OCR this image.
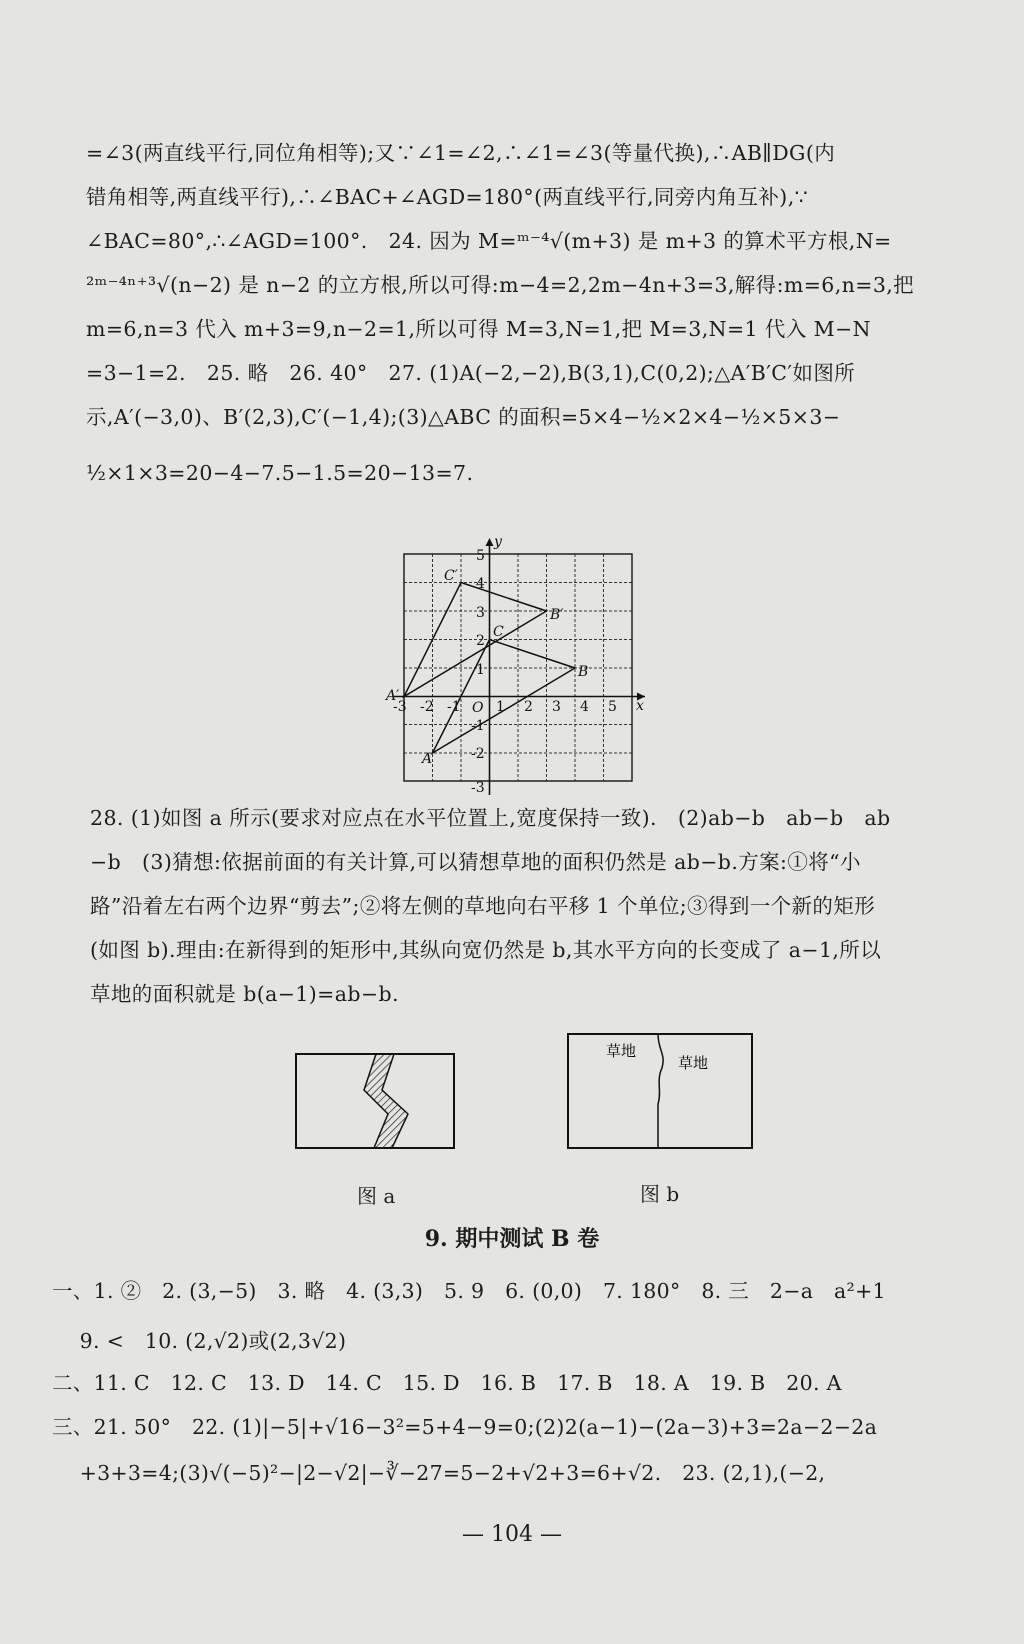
=∠3(两直线平行,同位角相等);又∵∠1=∠2,∴∠1=∠3(等量代换),∴AB∥DG(内
错角相等,两直线平行),∴∠BAC+∠AGD=180°(两直线平行,同旁内角互补),∵
∠BAC=80°,∴∠AGD=100°.　24. 因为 M=ᵐ⁻⁴√(m+3) 是 m+3 的算术平方根,N=
²ᵐ⁻⁴ⁿ⁺³√(n−2) 是 n−2 的立方根,所以可得:m−4=2,2m−4n+3=3,解得:m=6,n=3,把
m=6,n=3 代入 m+3=9,n−2=1,所以可得 M=3,N=1,把 M=3,N=1 代入 M−N
=3−1=2.　25. 略　26. 40°　27. (1)A(−2,−2),B(3,1),C(0,2);△A′B′C′如图所
示,A′(−3,0)、B′(2,3),C′(−1,4);(3)△ABC 的面积=5×4−½×2×4−½×5×3−
½×1×3=20−4−7.5−1.5=20−13=7.
y
x
O
-3 -2 -1	1 2 3 4 5
5
4
3
2
1
-1
-2
-3
C′
B′
C
B
A′
A
28. (1)如图 a 所示(要求对应点在水平位置上,宽度保持一致).　(2)ab−b　ab−b　ab
−b　(3)猜想:依据前面的有关计算,可以猜想草地的面积仍然是 ab−b.方案:①将“小
路”沿着左右两个边界“剪去”;②将左侧的草地向右平移 1 个单位;③得到一个新的矩形
(如图 b).理由:在新得到的矩形中,其纵向宽仍然是 b,其水平方向的长变成了 a−1,所以
草地的面积就是 b(a−1)=ab−b.
图 a
草地
草地
图 b
9. 期中测试 B 卷
一、1. ②　2. (3,−5)　3. 略　4. (3,3)　5. 9　6. (0,0)　7. 180°　8. 三　2−a　a²+1
　 9. <　10. (2,√2)或(2,3√2)
二、11. C　12. C　13. D　14. C　15. D　16. B　17. B　18. A　19. B　20. A
三、21. 50°　22. (1)|−5|+√16−3²=5+4−9=0;(2)2(a−1)−(2a−3)+3=2a−2−2a
　 +3+3=4;(3)√(−5)²−|2−√2|−∛−27=5−2+√2+3=6+√2.　23. (2,1),(−2,
— 104 —
